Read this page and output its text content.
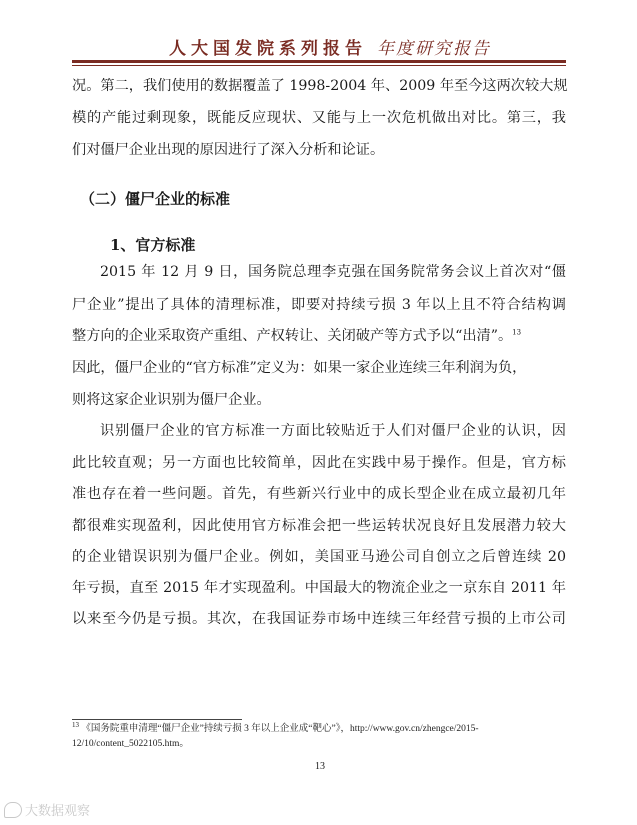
人大国发院系列报告 年度研究报告
况。第二，我们使用的数据覆盖了 1998-2004 年、2009 年至今这两次较大规
模的产能过剩现象，既能反应现状、又能与上一次危机做出对比。第三，我
们对僵尸企业出现的原因进行了深入分析和论证。
（二）僵尸企业的标准
1、官方标准
2015 年 12 月 9 日，国务院总理李克强在国务院常务会议上首次对“僵
尸企业”提出了具体的清理标准，即要对持续亏损 3 年以上且不符合结构调
整方向的企业采取资产重组、产权转让、关闭破产等方式予以“出清”。$^{13}$
因此，僵尸企业的“官方标准”定义为：如果一家企业连续三年利润为负，
则将这家企业识别为僵尸企业。
识别僵尸企业的官方标准一方面比较贴近于人们对僵尸企业的认识，因
此比较直观；另一方面也比较简单，因此在实践中易于操作。但是，官方标
准也存在着一些问题。首先，有些新兴行业中的成长型企业在成立最初几年
都很难实现盈利，因此使用官方标准会把一些运转状况良好且发展潜力较大
的企业错误识别为僵尸企业。例如，美国亚马逊公司自创立之后曾连续 20
年亏损，直至 2015 年才实现盈利。中国最大的物流企业之一京东自 2011 年
以来至今仍是亏损。其次，在我国证券市场中连续三年经营亏损的上市公司
$^{13}$ 《国务院重申清理“僵尸企业”持续亏损 3 年以上企业成“靶心”》，http://www.gov.cn/zhengce/2015-
12/10/content_5022105.htm。
13
大数据观察
